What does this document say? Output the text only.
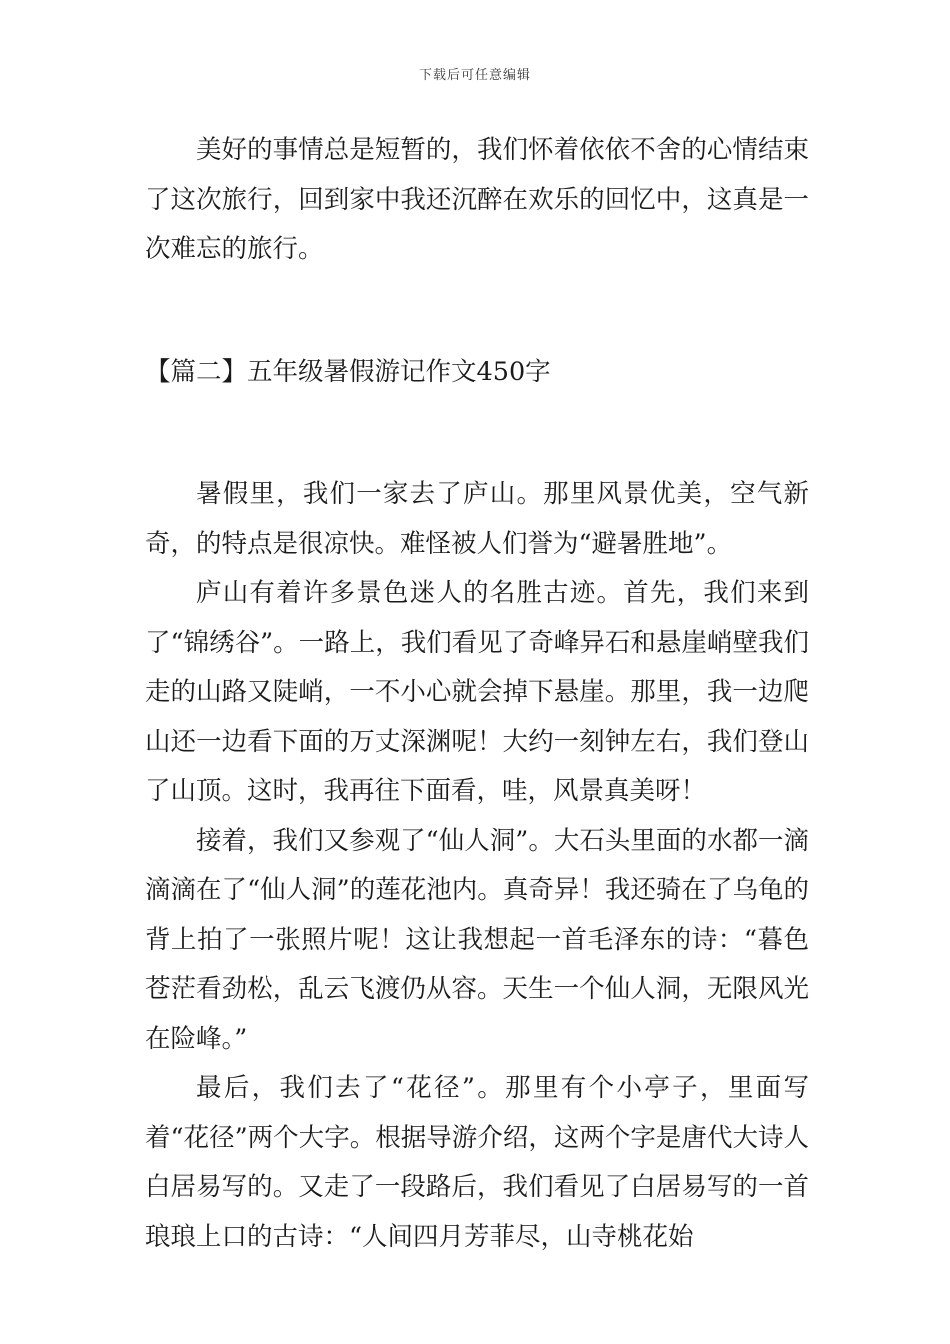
下载后可任意编辑

美好的事情总是短暂的，我们怀着依依不舍的心情结束了这次旅行，回到家中我还沉醉在欢乐的回忆中，这真是一次难忘的旅行。

【篇二】五年级暑假游记作文450字

暑假里，我们一家去了庐山。那里风景优美，空气新奇，的特点是很凉快。难怪被人们誉为“避暑胜地”。

庐山有着许多景色迷人的名胜古迹。首先，我们来到了“锦绣谷”。一路上，我们看见了奇峰异石和悬崖峭壁我们走的山路又陡峭，一不小心就会掉下悬崖。那里，我一边爬山还一边看下面的万丈深渊呢！大约一刻钟左右，我们登山了山顶。这时，我再往下面看，哇，风景真美呀！

接着，我们又参观了“仙人洞”。大石头里面的水都一滴滴滴在了“仙人洞”的莲花池内。真奇异！我还骑在了乌龟的背上拍了一张照片呢！这让我想起一首毛泽东的诗：“暮色苍茫看劲松，乱云飞渡仍从容。天生一个仙人洞，无限风光在险峰。”

最后，我们去了“花径”。那里有个小亭子，里面写着“花径”两个大字。根据导游介绍，这两个字是唐代大诗人白居易写的。又走了一段路后，我们看见了白居易写的一首琅琅上口的古诗：“人间四月芳菲尽，山寺桃花始
